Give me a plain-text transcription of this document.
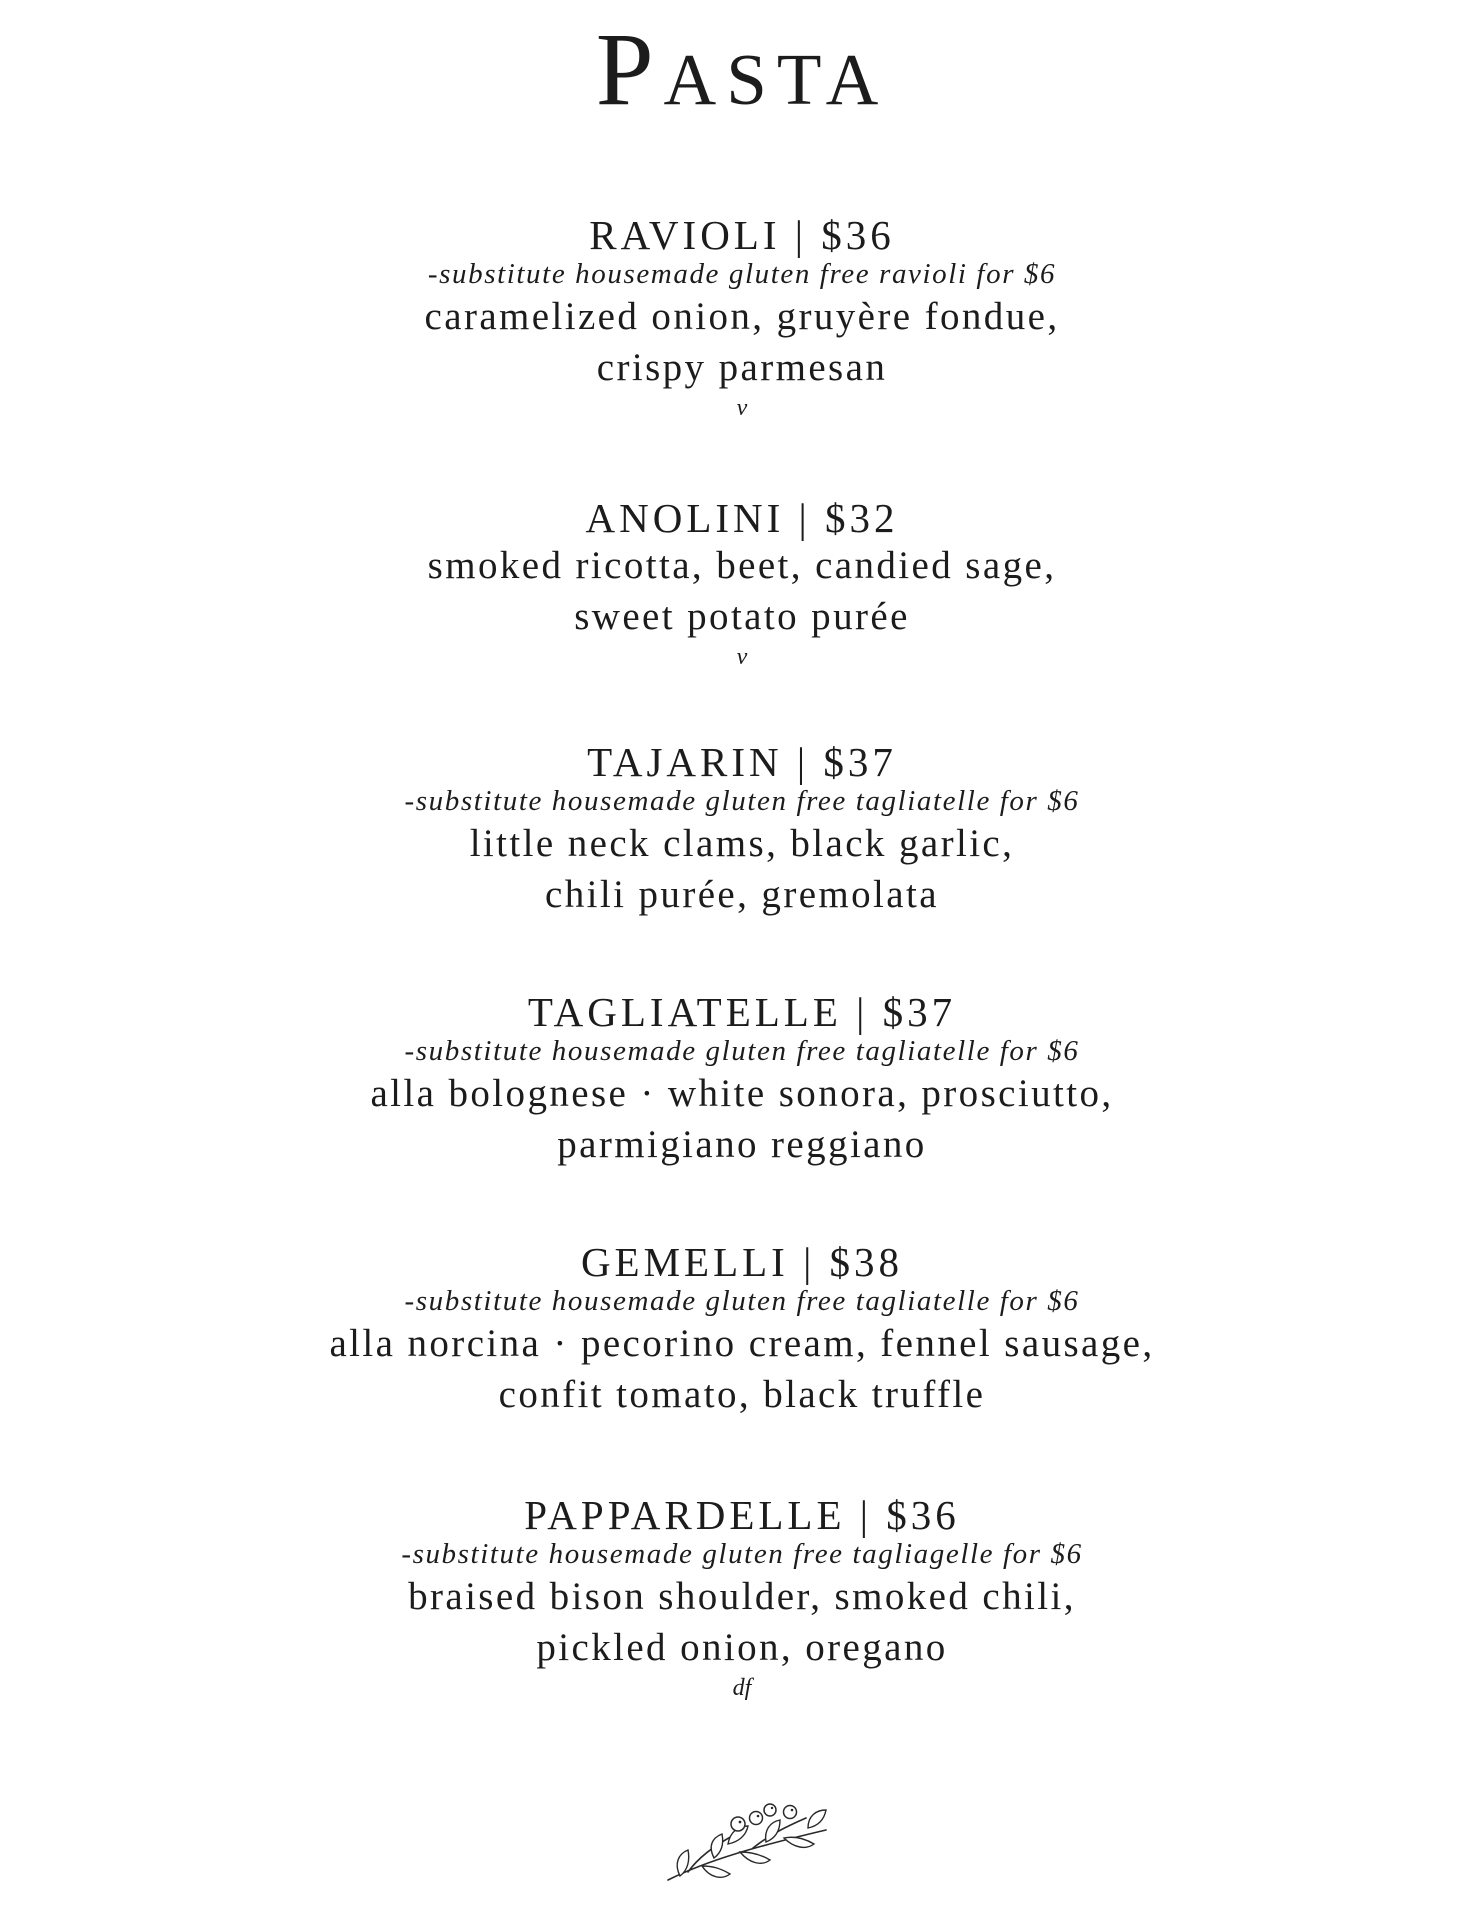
Pasta
RAVIOLI | $36
-substitute housemade gluten free ravioli for $6
caramelized onion, gruyère fondue,
crispy parmesan
v
ANOLINI | $32
smoked ricotta, beet, candied sage,
sweet potato purée
v
TAJARIN | $37
-substitute housemade gluten free tagliatelle for $6
little neck clams, black garlic,
chili purée, gremolata
TAGLIATELLE | $37
-substitute housemade gluten free tagliatelle for $6
alla bolognese · white sonora, prosciutto,
parmigiano reggiano
GEMELLI | $38
-substitute housemade gluten free tagliatelle for $6
alla norcina · pecorino cream, fennel sausage,
confit tomato, black truffle
PAPPARDELLE | $36
-substitute housemade gluten free tagliagelle for $6
braised bison shoulder, smoked chili,
pickled onion, oregano
df
